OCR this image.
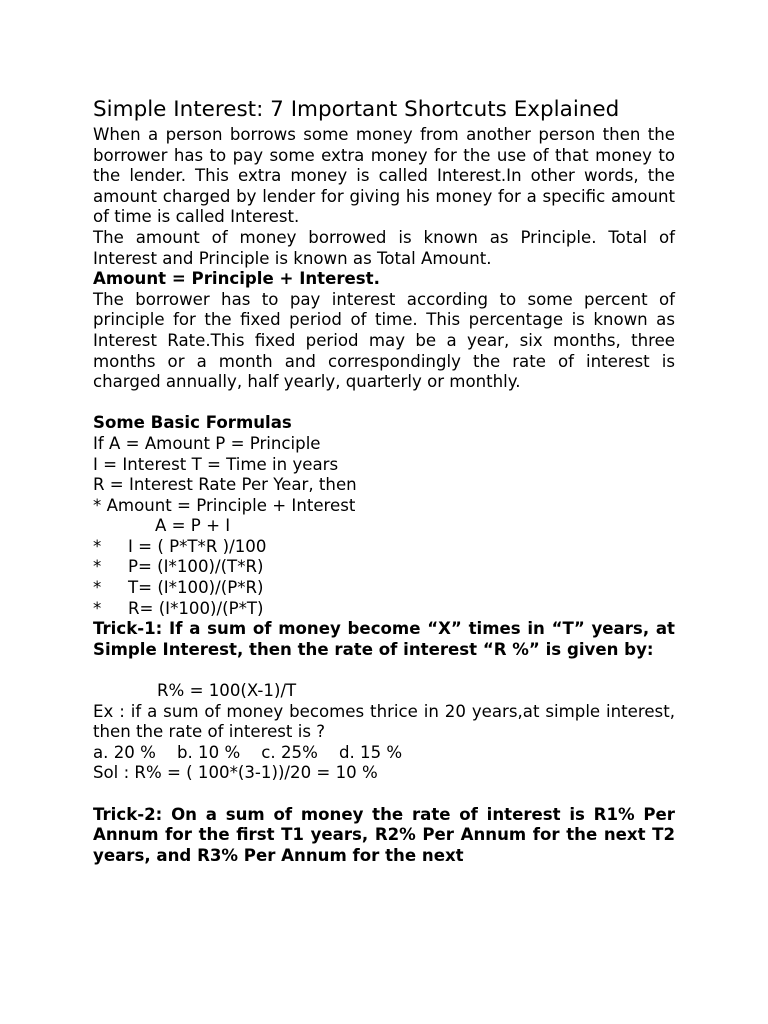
Simple Interest: 7 Important Shortcuts Explained

When a person borrows some money from another person then the borrower has to pay some extra money for the use of that money to the lender. This extra money is called Interest.In other words, the amount charged by lender for giving his money for a specific amount of time is called Interest.

The amount of money borrowed is known as Principle. Total of Interest and Principle is known as Total Amount.

Amount = Principle + Interest.

The borrower has to pay interest according to some percent of principle for the fixed period of time. This percentage is known as Interest Rate.This fixed period may be a year, six months, three months or a month and correspondingly the rate of interest is charged annually, half yearly, quarterly or monthly.

Some Basic Formulas

If A = Amount P = Principle

I = Interest T = Time in years

R = Interest Rate Per Year, then

* Amount = Principle + Interest

A = P + I

* I = ( P*T*R )/100

* P= (I*100)/(T*R)

* T= (I*100)/(P*R)

* R= (I*100)/(P*T)

Trick-1: If a sum of money become “X” times in “T” years, at Simple Interest, then the rate of interest “R %” is given by:

R% = 100(X-1)/T

Ex : if a sum of money becomes thrice in 20 years,at simple interest, then the rate of interest is ?

a. 20 %    b. 10 %    c. 25%    d. 15 %

Sol : R% = ( 100*(3-1))/20 = 10 %

Trick-2: On a sum of money the rate of interest is R1% Per Annum for the first T1 years, R2% Per Annum for the next T2 years, and R3% Per Annum for the next
